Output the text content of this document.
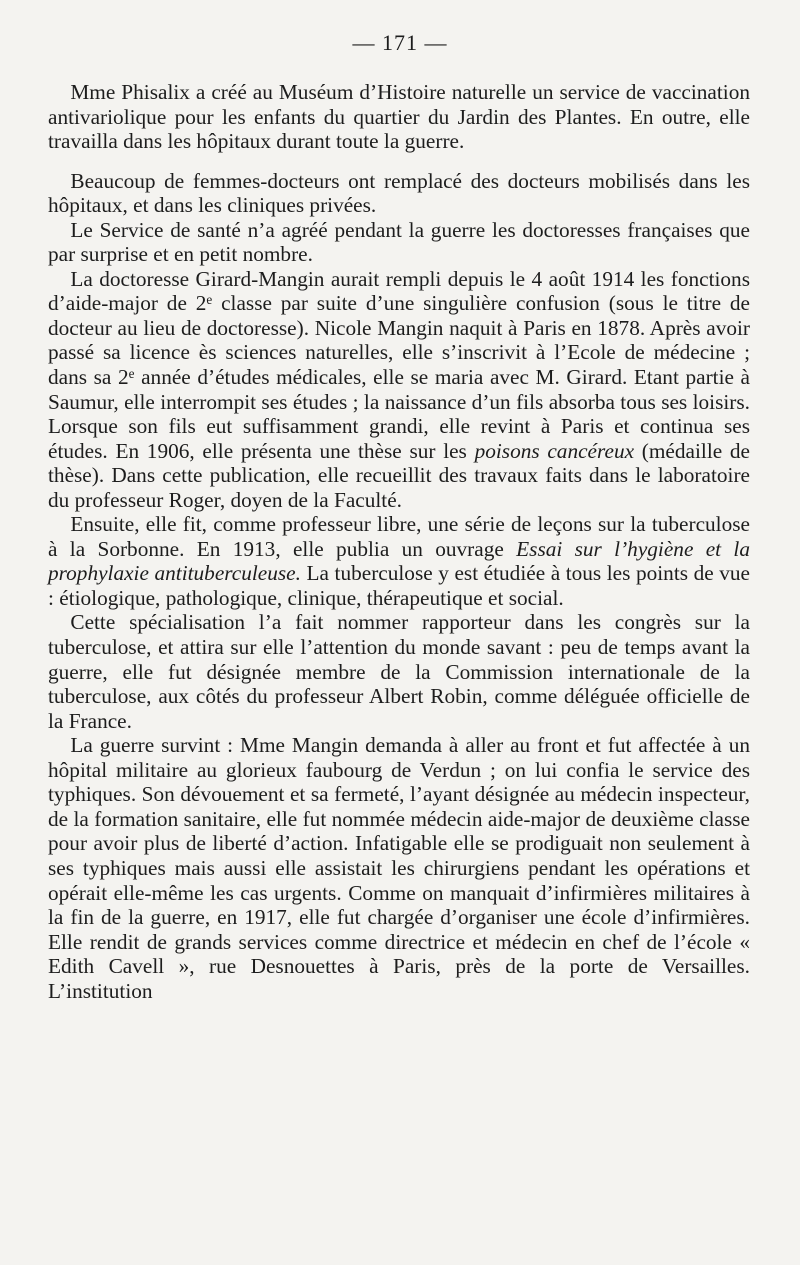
— 171 —

Mme Phisalix a créé au Muséum d’Histoire naturelle un service de vaccination antivariolique pour les enfants du quartier du Jardin des Plantes. En outre, elle travailla dans les hôpitaux durant toute la guerre.

Beaucoup de femmes-docteurs ont remplacé des docteurs mobilisés dans les hôpitaux, et dans les cliniques privées.

Le Service de santé n’a agréé pendant la guerre les doctoresses françaises que par surprise et en petit nombre.

La doctoresse Girard-Mangin aurait rempli depuis le 4 août 1914 les fonctions d’aide-major de 2e classe par suite d’une singulière confusion (sous le titre de docteur au lieu de doctoresse). Nicole Mangin naquit à Paris en 1878. Après avoir passé sa licence ès sciences naturelles, elle s’inscrivit à l’Ecole de médecine ; dans sa 2e année d’études médicales, elle se maria avec M. Girard. Etant partie à Saumur, elle interrompit ses études ; la naissance d’un fils absorba tous ses loisirs. Lorsque son fils eut suffisamment grandi, elle revint à Paris et continua ses études. En 1906, elle présenta une thèse sur les poisons cancéreux (médaille de thèse). Dans cette publication, elle recueillit des travaux faits dans le laboratoire du professeur Roger, doyen de la Faculté.

Ensuite, elle fit, comme professeur libre, une série de leçons sur la tuberculose à la Sorbonne. En 1913, elle publia un ouvrage Essai sur l’hygiène et la prophylaxie antituberculeuse. La tuberculose y est étudiée à tous les points de vue : étiologique, pathologique, clinique, thérapeutique et social.

Cette spécialisation l’a fait nommer rapporteur dans les congrès sur la tuberculose, et attira sur elle l’attention du monde savant : peu de temps avant la guerre, elle fut désignée membre de la Commission internationale de la tuberculose, aux côtés du professeur Albert Robin, comme déléguée officielle de la France.

La guerre survint : Mme Mangin demanda à aller au front et fut affectée à un hôpital militaire au glorieux faubourg de Verdun ; on lui confia le service des typhiques. Son dévouement et sa fermeté, l’ayant désignée au médecin inspecteur, de la formation sanitaire, elle fut nommée médecin aide-major de deuxième classe pour avoir plus de liberté d’action. Infatigable elle se prodiguait non seulement à ses typhiques mais aussi elle assistait les chirurgiens pendant les opérations et opérait elle-même les cas urgents. Comme on manquait d’infirmières militaires à la fin de la guerre, en 1917, elle fut chargée d’organiser une école d’infirmières. Elle rendit de grands services comme directrice et médecin en chef de l’école « Edith Cavell », rue Desnouettes à Paris, près de la porte de Versailles. L’institution
